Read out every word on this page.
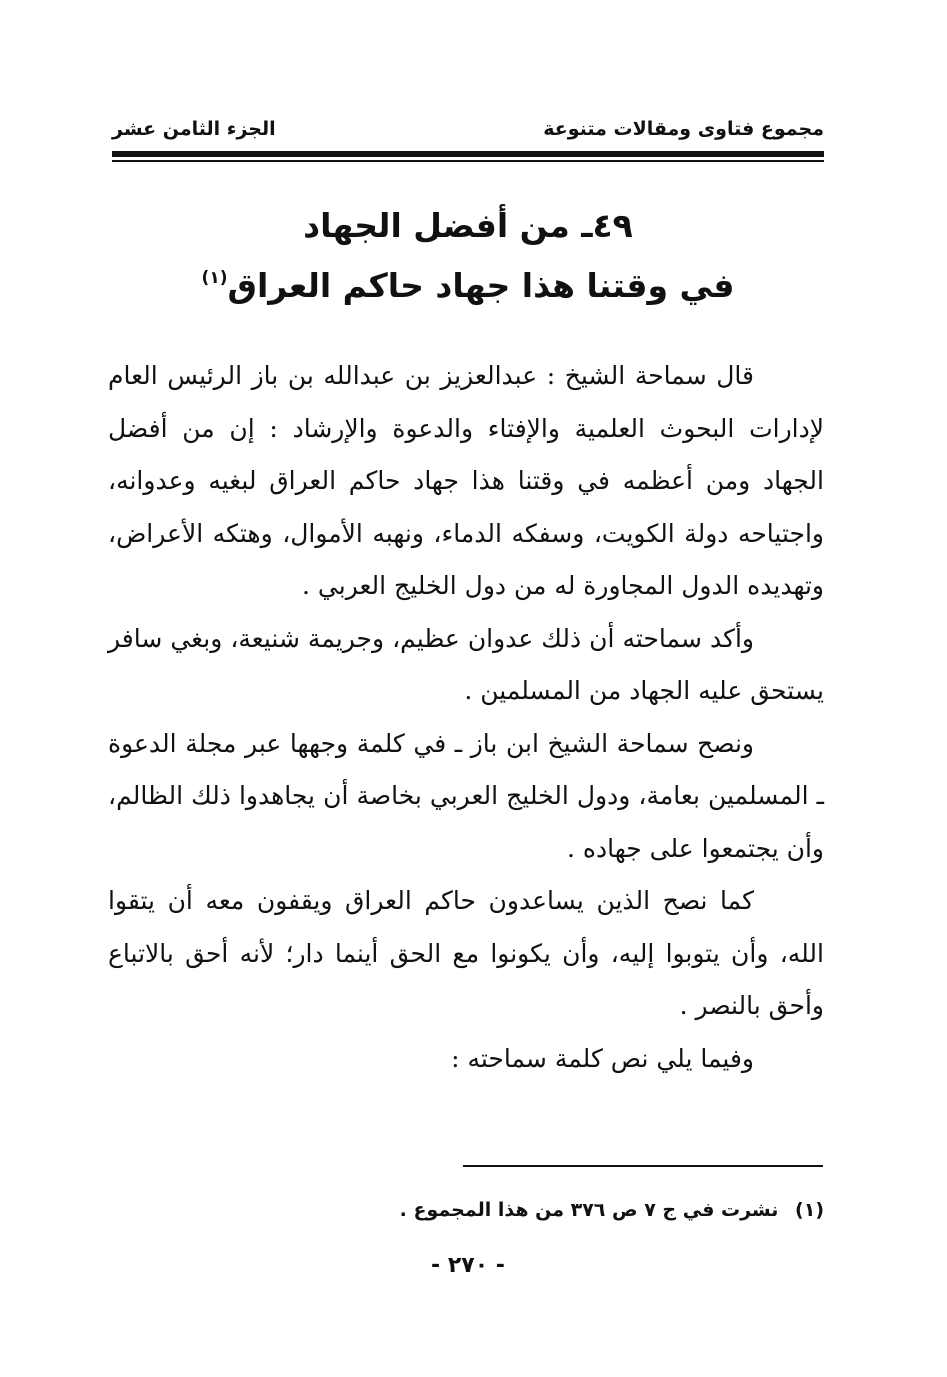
مجموع فتاوى ومقالات متنوعة
الجزء الثامن عشر
٤٩ـ من أفضل الجهاد
في وقتنا هذا جهاد حاكم العراق$^{(١)}$

قال سماحة الشيخ : عبدالعزيز بن عبدالله بن باز الرئيس العام لإدارات البحوث العلمية والإفتاء والدعوة والإرشاد : إن من أفضل الجهاد ومن أعظمه في وقتنا هذا جهاد حاكم العراق لبغيه وعدوانه، واجتياحه دولة الكويت، وسفكه الدماء، ونهبه الأموال، وهتكه الأعراض، وتهديده الدول المجاورة له من دول الخليج العربي .

وأكد سماحته أن ذلك عدوان عظيم، وجريمة شنيعة، وبغي سافر يستحق عليه الجهاد من المسلمين .

ونصح سماحة الشيخ ابن باز ـ في كلمة وجهها عبر مجلة الدعوة ـ المسلمين بعامة، ودول الخليج العربي بخاصة أن يجاهدوا ذلك الظالم، وأن يجتمعوا على جهاده .

كما نصح الذين يساعدون حاكم العراق ويقفون معه أن يتقوا الله، وأن يتوبوا إليه، وأن يكونوا مع الحق أينما دار؛ لأنه أحق بالاتباع وأحق بالنصر .

وفيما يلي نص كلمة سماحته :

(١) نشرت في ج ٧ ص ٣٧٦ من هذا المجموع .
- ٢٧٠ -
